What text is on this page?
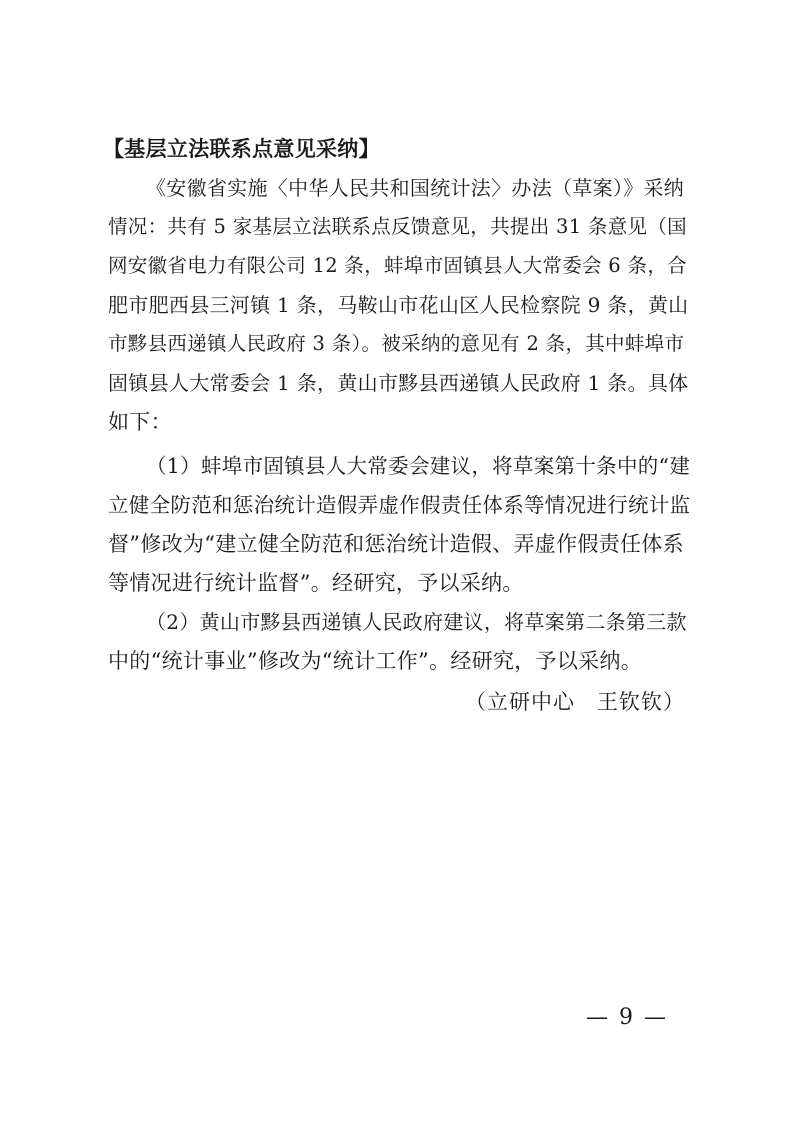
【基层立法联系点意见采纳】
《安徽省实施〈中华人民共和国统计法〉办法（草案）》采纳
情况：共有 5 家基层立法联系点反馈意见，共提出 31 条意见（国
网安徽省电力有限公司 12 条，蚌埠市固镇县人大常委会 6 条，合
肥市肥西县三河镇 1 条，马鞍山市花山区人民检察院 9 条，黄山
市黟县西递镇人民政府 3 条）。被采纳的意见有 2 条，其中蚌埠市
固镇县人大常委会 1 条，黄山市黟县西递镇人民政府 1 条。具体
如下：
（1）蚌埠市固镇县人大常委会建议，将草案第十条中的“建
立健全防范和惩治统计造假弄虚作假责任体系等情况进行统计监
督”修改为“建立健全防范和惩治统计造假、弄虚作假责任体系
等情况进行统计监督”。经研究，予以采纳。
（2）黄山市黟县西递镇人民政府建议，将草案第二条第三款
中的“统计事业”修改为“统计工作”。经研究，予以采纳。
（立研中心　王钦钦）
— 9 —
